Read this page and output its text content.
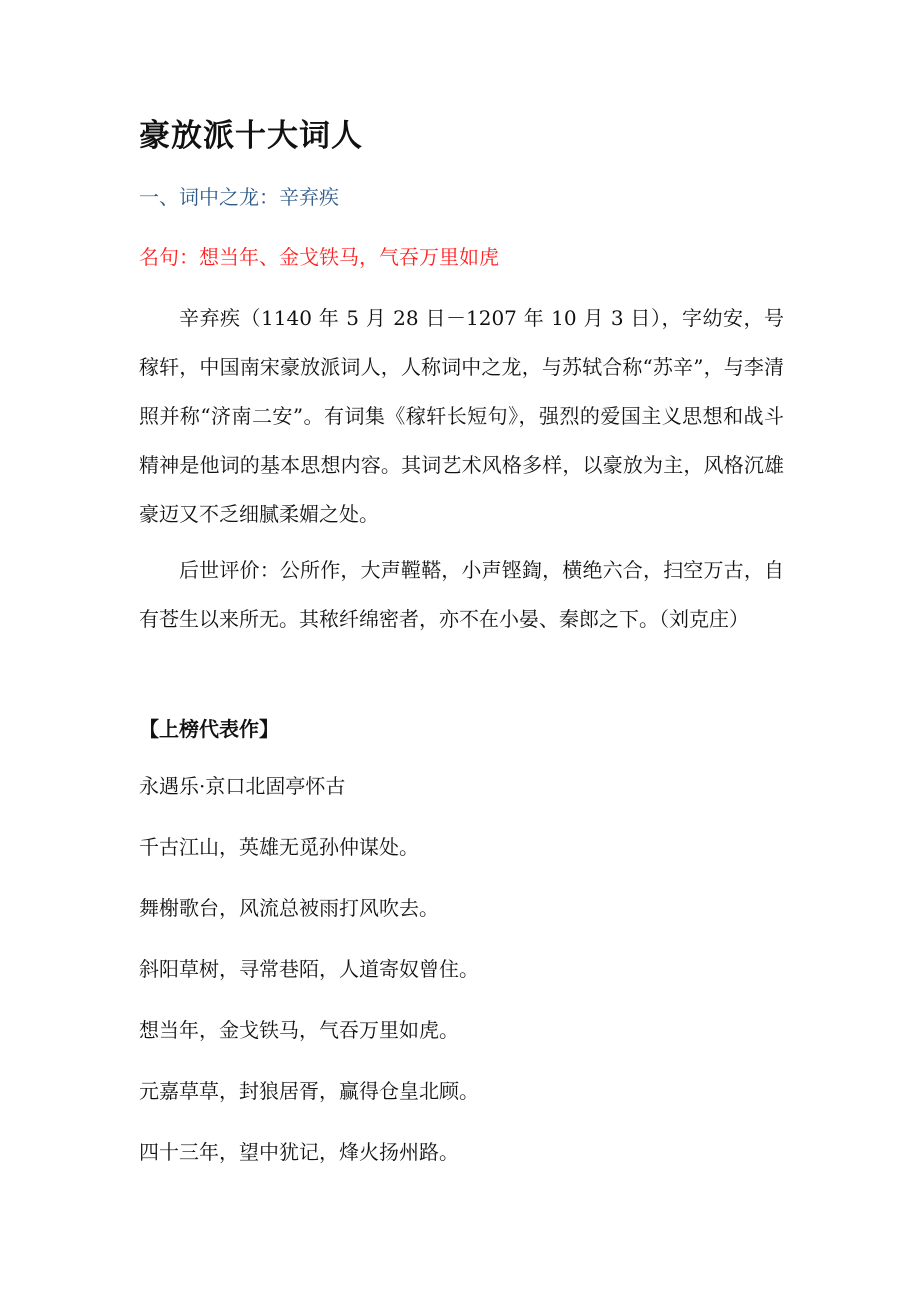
豪放派十大词人
一、词中之龙：辛弃疾
名句：想当年、金戈铁马，气吞万里如虎

辛弃疾（1140 年 5 月 28 日－1207 年 10 月 3 日），字幼安，号稼轩，中国南宋豪放派词人，人称词中之龙，与苏轼合称“苏辛”，与李清照并称“济南二安”。有词集《稼轩长短句》，强烈的爱国主义思想和战斗精神是他词的基本思想内容。其词艺术风格多样，以豪放为主，风格沉雄豪迈又不乏细腻柔媚之处。

后世评价：公所作，大声鞺鞳，小声铿鍧，横绝六合，扫空万古，自有苍生以来所无。其秾纤绵密者，亦不在小晏、秦郎之下。（刘克庄）

【上榜代表作】
永遇乐·京口北固亭怀古
千古江山，英雄无觅孙仲谋处。
舞榭歌台，风流总被雨打风吹去。
斜阳草树，寻常巷陌，人道寄奴曾住。
想当年，金戈铁马，气吞万里如虎。
元嘉草草，封狼居胥，赢得仓皇北顾。
四十三年，望中犹记，烽火扬州路。
